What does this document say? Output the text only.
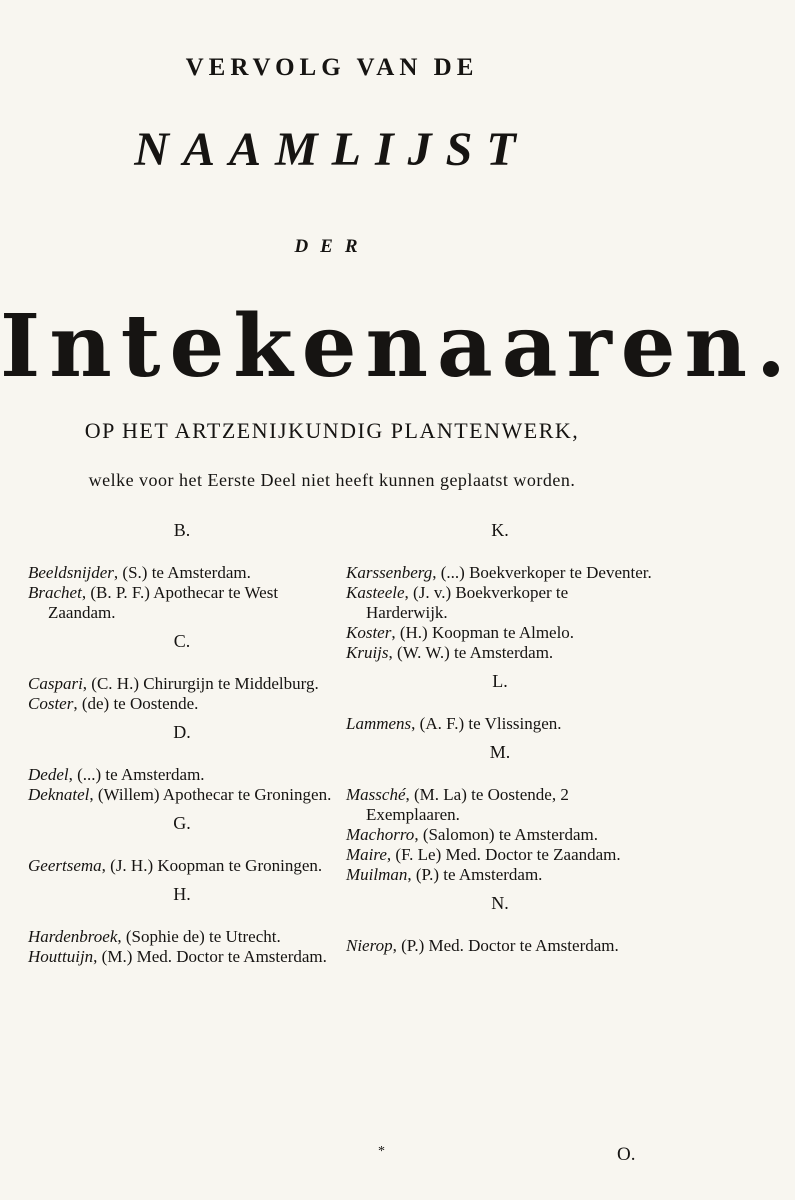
VERVOLG VAN DE
NAAMLIJST
DER
Intekenaaren.
OP HET ARTZENIJKUNDIG PLANTENWERK,
welke voor het Eerste Deel niet heeft kunnen geplaatst worden.
B.

Beeldsnijder, (S.) te Amsterdam.

Brachet, (B. P. F.) Apothecar te West Zaandam.

C.

Caspari, (C. H.) Chirurgijn te Middelburg.

Coster, (de) te Oostende.

D.

Dedel, (...) te Amsterdam.

Deknatel, (Willem) Apothecar te Groningen.

G.

Geertsema, (J. H.) Koopman te Groningen.

H.

Hardenbroek, (Sophie de) te Utrecht.

Houttuijn, (M.) Med. Doctor te Amsterdam.

K.

Karssenberg, (...) Boekverkoper te Deventer.

Kasteele, (J. v.) Boekverkoper te Harderwijk.

Koster, (H.) Koopman te Almelo.

Kruijs, (W. W.) te Amsterdam.

L.

Lammens, (A. F.) te Vlissingen.

M.

Massché, (M. La) te Oostende, 2 Exemplaaren.

Machorro, (Salomon) te Amsterdam.

Maire, (F. Le) Med. Doctor te Zaandam.

Muilman, (P.) te Amsterdam.

N.

Nierop, (P.) Med. Doctor te Amsterdam.

*	O.
